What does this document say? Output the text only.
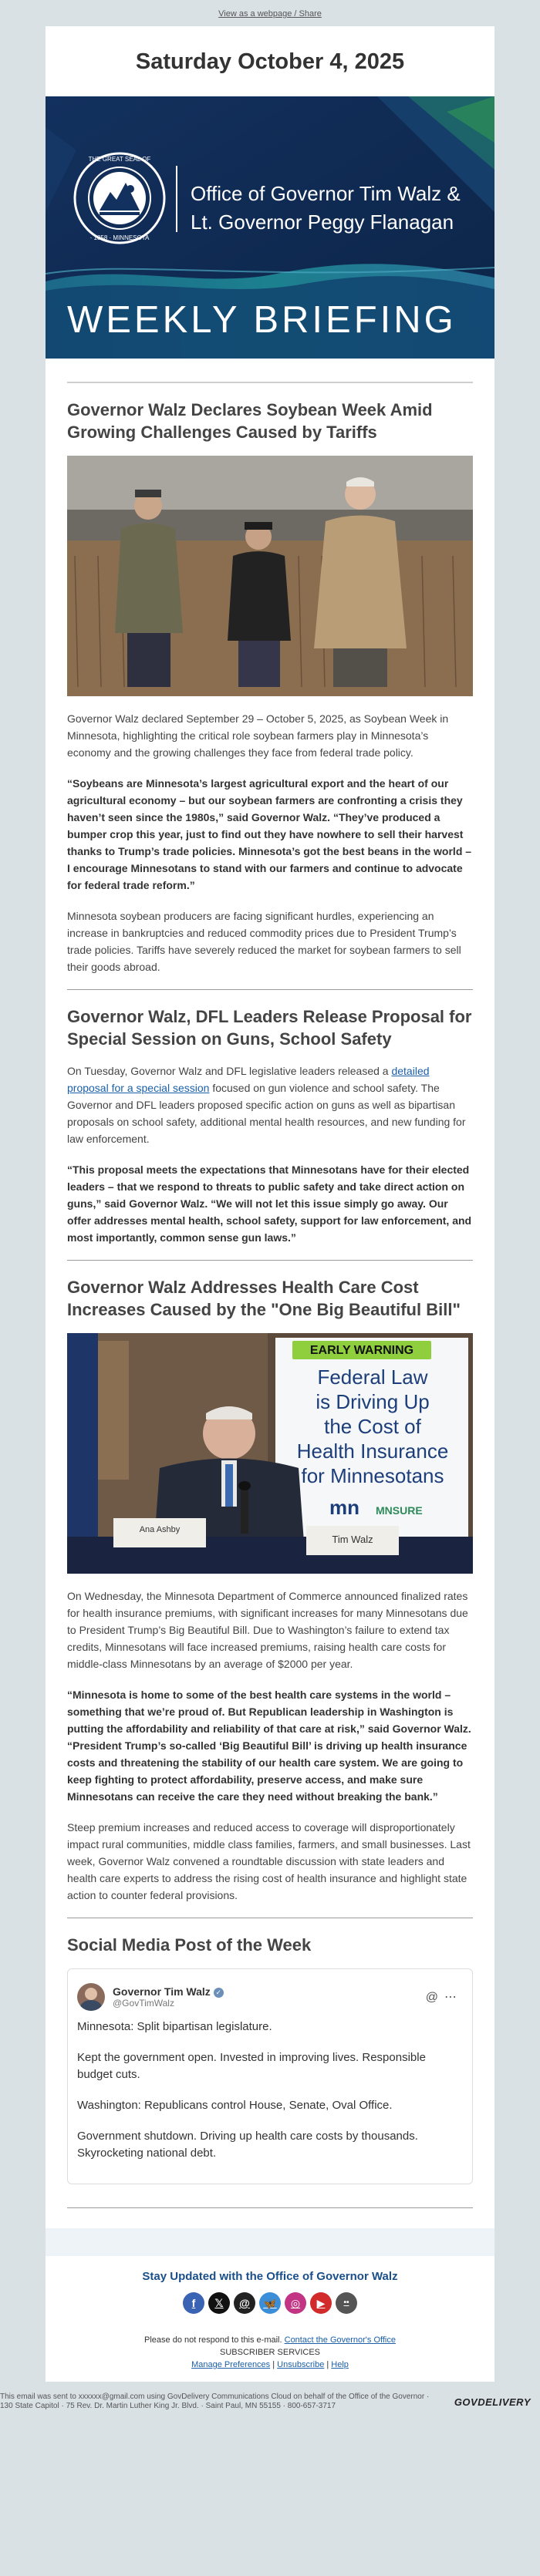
View as a webpage / Share
Saturday October 4, 2025
THE GREAT SEAL OF
· 1858 · MINNESOTA
Office of Governor Tim Walz &
Lt. Governor Peggy Flanagan
WEEKLY BRIEFING
Governor Walz Declares Soybean Week Amid Growing Challenges Caused by Tariffs

Governor Walz declared September 29 – October 5, 2025, as Soybean Week in Minnesota, highlighting the critical role soybean farmers play in Minnesota’s economy and the growing challenges they face from federal trade policy.

“Soybeans are Minnesota’s largest agricultural export and the heart of our agricultural economy – but our soybean farmers are confronting a crisis they haven’t seen since the 1980s,” said Governor Walz. “They’ve produced a bumper crop this year, just to find out they have nowhere to sell their harvest thanks to Trump’s trade policies. Minnesota’s got the best beans in the world – I encourage Minnesotans to stand with our farmers and continue to advocate for federal trade reform.”

Minnesota soybean producers are facing significant hurdles, experiencing an increase in bankruptcies and reduced commodity prices due to President Trump’s trade policies. Tariffs have severely reduced the market for soybean farmers to sell their goods abroad.

Governor Walz, DFL Leaders Release Proposal for Special Session on Guns, School Safety

On Tuesday, Governor Walz and DFL legislative leaders released a detailed proposal for a special session focused on gun violence and school safety. The Governor and DFL leaders proposed specific action on guns as well as bipartisan proposals on school safety, additional mental health resources, and new funding for law enforcement.

“This proposal meets the expectations that Minnesotans have for their elected leaders – that we respond to threats to public safety and take direct action on guns,” said Governor Walz. “We will not let this issue simply go away. Our offer addresses mental health, school safety, support for law enforcement, and most importantly, common sense gun laws.”

Governor Walz Addresses Health Care Cost Increases Caused by the "One Big Beautiful Bill"
EARLY WARNING
Federal Law
is Driving Up
the Cost of
Health Insurance
for Minnesotans
mn MNSURE
Ana Ashby
Tim Walz

On Wednesday, the Minnesota Department of Commerce announced finalized rates for health insurance premiums, with significant increases for many Minnesotans due to President Trump’s Big Beautiful Bill. Due to Washington’s failure to extend tax credits, Minnesotans will face increased premiums, raising health care costs for middle-class Minnesotans by an average of $2000 per year.

“Minnesota is home to some of the best health care systems in the world – something that we’re proud of. But Republican leadership in Washington is putting the affordability and reliability of that care at risk,” said Governor Walz. “President Trump’s so-called ‘Big Beautiful Bill’ is driving up health insurance costs and threatening the stability of our health care system. We are going to keep fighting to protect affordability, preserve access, and make sure Minnesotans can receive the care they need without breaking the bank.”

Steep premium increases and reduced access to coverage will disproportionately impact rural communities, middle class families, farmers, and small businesses. Last week, Governor Walz convened a roundtable discussion with state leaders and health care experts to address the rising cost of health insurance and highlight state action to counter federal provisions.

Social Media Post of the Week
Governor Tim Walz ✓
@GovTimWalz	@⋯
Minnesota: Split bipartisan legislature.
Kept the government open. Invested in improving lives. Responsible budget cuts.
Washington: Republicans control House, Senate, Oval Office.
Government shutdown. Driving up health care costs by thousands. Skyrocketing national debt.
Stay Updated with the Office of Governor Walz
f	𝕏	@	🦋	◎	▶	••
Please do not respond to this e-mail. Contact the Governor's Office
SUBSCRIBER SERVICES
Manage Preferences | Unsubscribe | Help
This email was sent to xxxxxx@gmail.com using GovDelivery Communications Cloud on behalf of the Office of the Governor · 130 State Capitol · 75 Rev. Dr. Martin Luther King Jr. Blvd. · Saint Paul, MN 55155 · 800-657-3717	GOVDELIVERY
